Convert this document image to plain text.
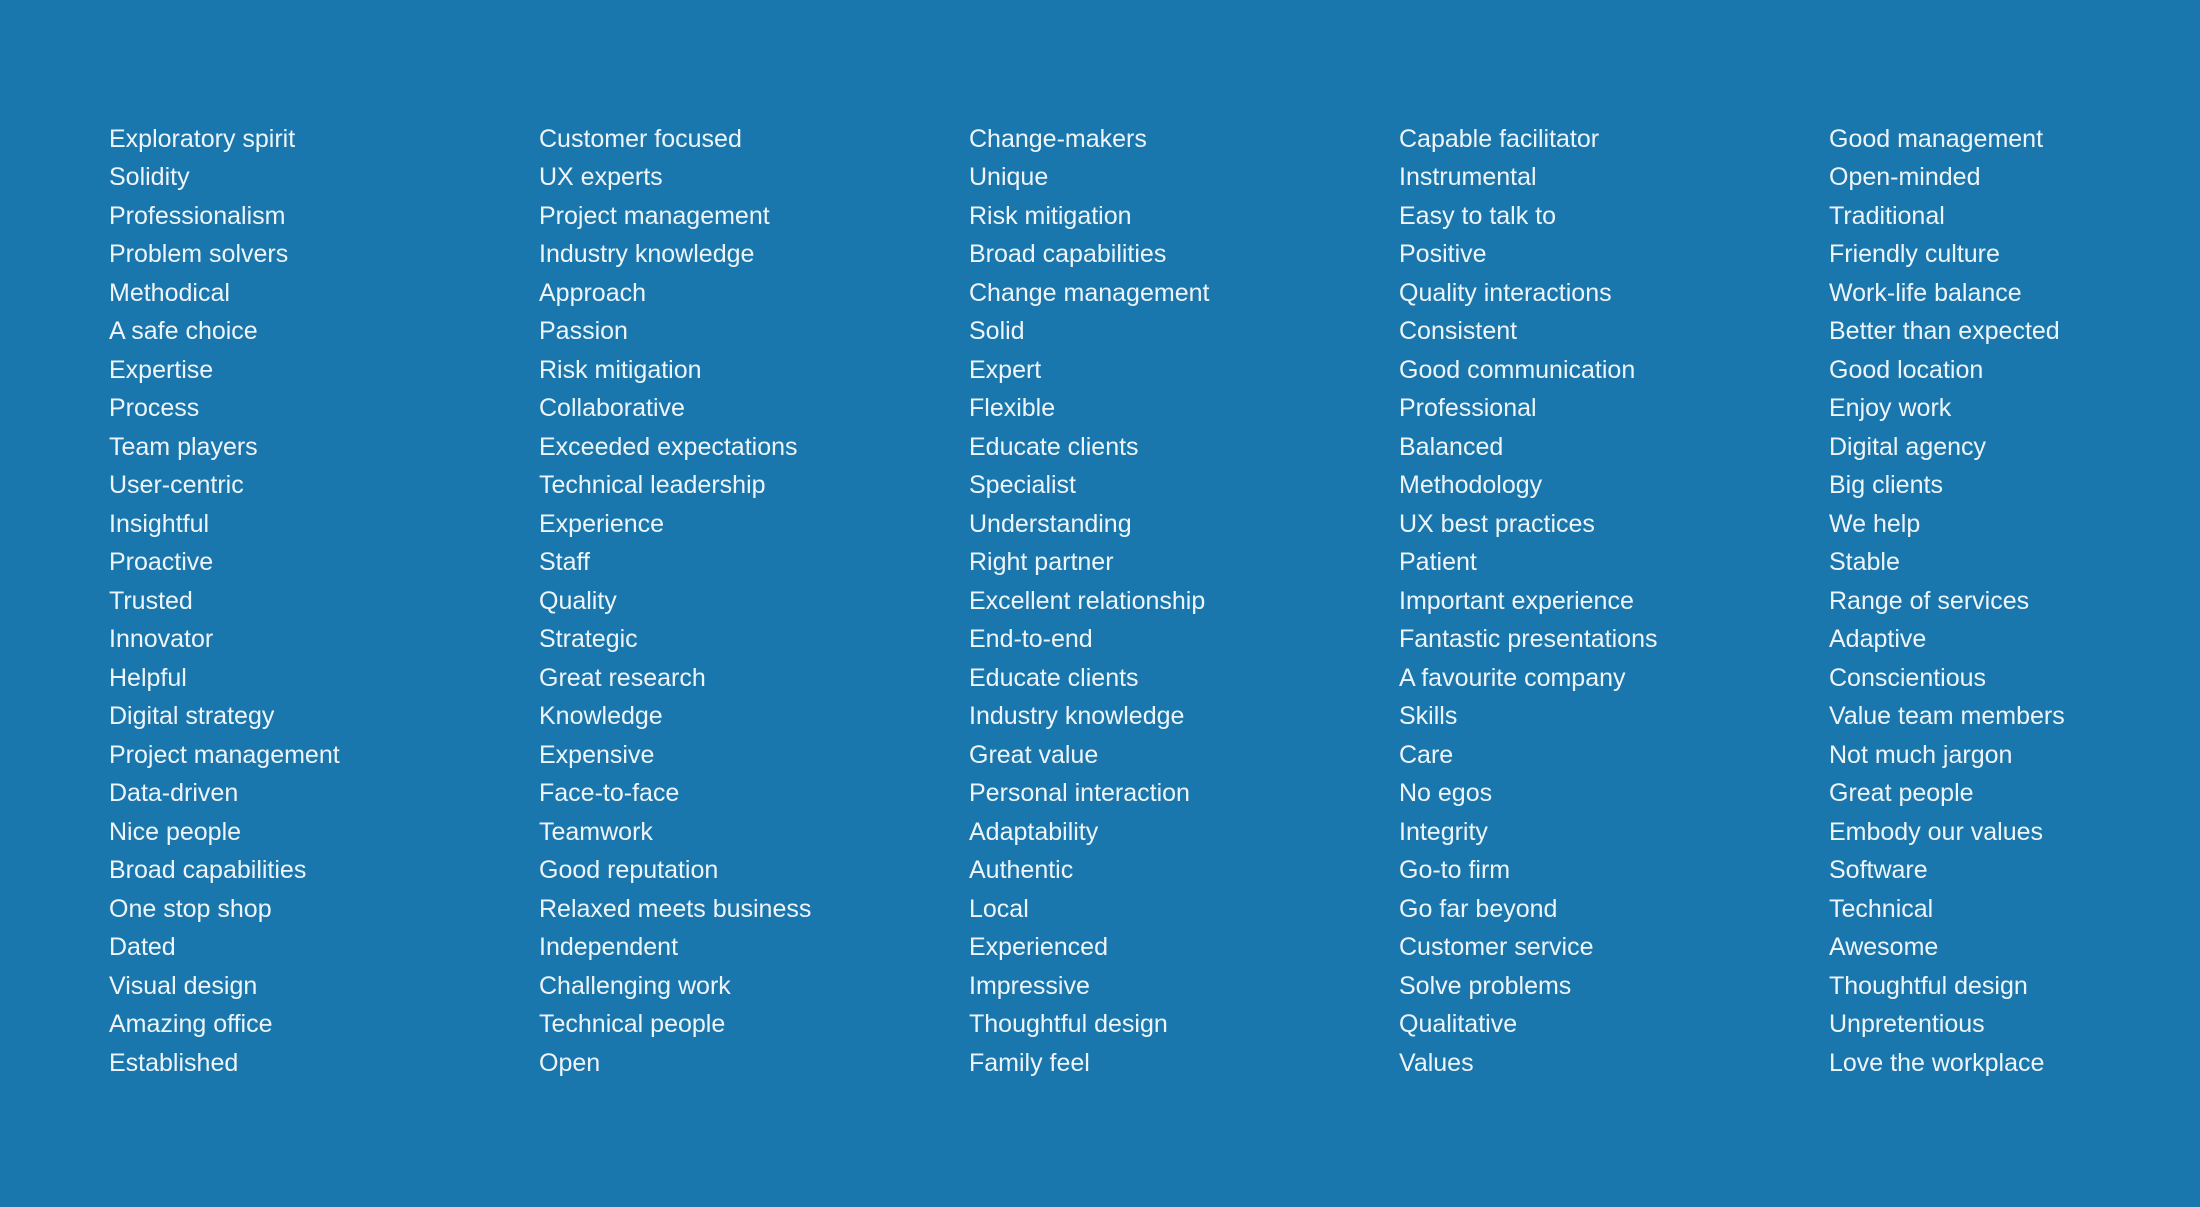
Exploratory spirit
Solidity
Professionalism
Problem solvers
Methodical
A safe choice
Expertise
Process
Team players
User-centric
Insightful
Proactive
Trusted
Innovator
Helpful
Digital strategy
Project management
Data-driven
Nice people
Broad capabilities
One stop shop
Dated
Visual design
Amazing office
Established
Customer focused
UX experts
Project management
Industry knowledge
Approach
Passion
Risk mitigation
Collaborative
Exceeded expectations
Technical leadership
Experience
Staff
Quality
Strategic
Great research
Knowledge
Expensive
Face-to-face
Teamwork
Good reputation
Relaxed meets business
Independent
Challenging work
Technical people
Open
Change-makers
Unique
Risk mitigation
Broad capabilities
Change management
Solid
Expert
Flexible
Educate clients
Specialist
Understanding
Right partner
Excellent relationship
End-to-end
Educate clients
Industry knowledge
Great value
Personal interaction
Adaptability
Authentic
Local
Experienced
Impressive
Thoughtful design
Family feel
Capable facilitator
Instrumental
Easy to talk to
Positive
Quality interactions
Consistent
Good communication
Professional
Balanced
Methodology
UX best practices
Patient
Important experience
Fantastic presentations
A favourite company
Skills
Care
No egos
Integrity
Go-to firm
Go far beyond
Customer service
Solve problems
Qualitative
Values
Good management
Open-minded
Traditional
Friendly culture
Work-life balance
Better than expected
Good location
Enjoy work
Digital agency
Big clients
We help
Stable
Range of services
Adaptive
Conscientious
Value team members
Not much jargon
Great people
Embody our values
Software
Technical
Awesome
Thoughtful design
Unpretentious
Love the workplace
